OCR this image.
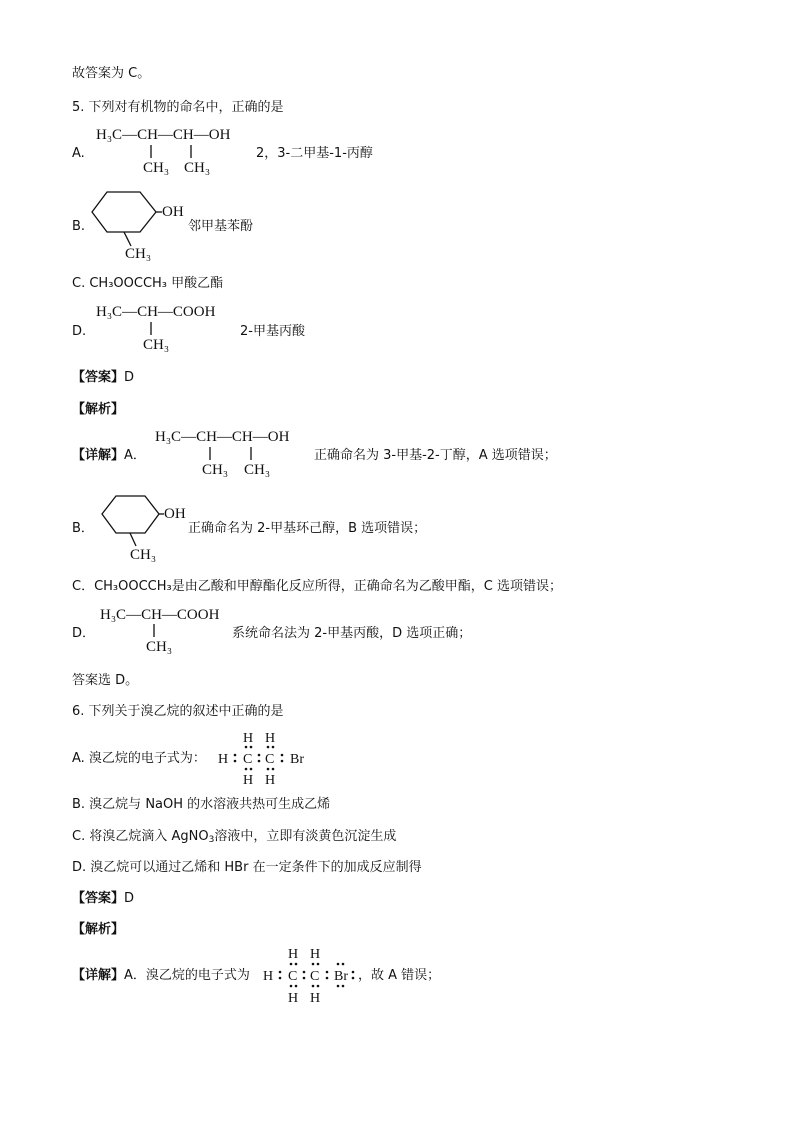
故答案为 C。
5. 下列对有机物的命名中，正确的是
A.
H₃C—CH—CH—OH
CH₃ CH₃
2，3-二甲基-1-丙醇
B.
OH
CH₃
邻甲基苯酚
C. CH₃OOCCH₃ 甲酸乙酯
D.
H₃C—CH—COOH
CH₃
2-甲基丙酸
【答案】D
【解析】
【详解】A．
H₃C—CH—CH—OH
CH₃ CH₃
正确命名为 3-甲基-2-丁醇，A 选项错误；
B．
OH
CH₃
正确命名为 2-甲基环己醇，B 选项错误；
C．CH₃OOCCH₃是由乙酸和甲醇酯化反应所得，正确命名为乙酸甲酯，C 选项错误；
D．
H₃C—CH—COOH
CH₃
系统命名法为 2-甲基丙酸，D 选项正确；
答案选 D。
6. 下列关于溴乙烷的叙述中正确的是
A. 溴乙烷的电子式为：
H H
H C C Br
H H
B. 溴乙烷与 NaOH 的水溶液共热可生成乙烯
C. 将溴乙烷滴入 AgNO$_3$溶液中，立即有淡黄色沉淀生成
D. 溴乙烷可以通过乙烯和 HBr 在一定条件下的加成反应制得
【答案】D
【解析】
【详解】A．溴乙烷的电子式为
H H
H C C Br
H H
，故 A 错误；
